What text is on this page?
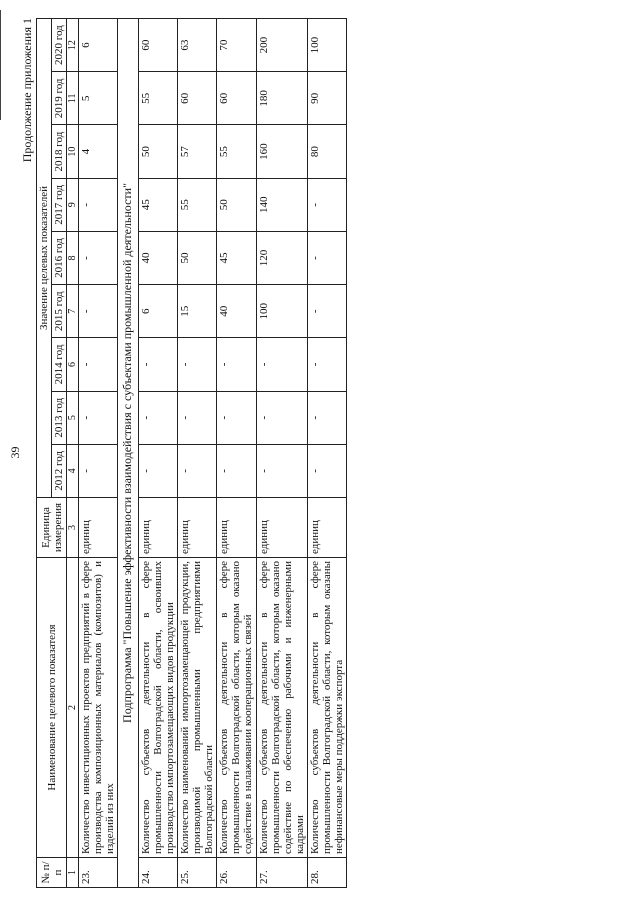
39
Продолжение приложения 1
№ п/п	Наименование целевого показателя	Единица измерения	Значение целевых показателей								
			2012 год	2013 год	2014 год	2015 год	2016 год	2017 год	2018 год	2019 год	2020 год
1	2	3	4	5	6	7	8	9	10	11	12
23.	Количество инвестиционных проектов предприятий в сфере производства композиционных материалов (композитов) и изделий из них	единиц	-	-	-	-	-	-	4	5	6
Подпрограмма "Повышение эффективности взаимодействия с субъектами промышленной деятельности"											
24.	Количество субъектов деятельности в сфере промышленности Волгоградской области, освоивших производство импортозамещающих видов продукции	единиц	-	-	-	6	40	45	50	55	60
25.	Количество наименований импортозамещающей продукции, производимой промышленными предприятиями Волгоградской области	единиц	-	-	-	15	50	55	57	60	63
26.	Количество субъектов деятельности в сфере промышленности Волгоградской области, которым оказано содействие в налаживании кооперационных связей	единиц	-	-	-	40	45	50	55	60	70
27.	Количество субъектов деятельности в сфере промышленности Волгоградской области, которым оказано содействие по обеспечению рабочими и инженерными кадрами	единиц	-	-	-	100	120	140	160	180	200
28.	Количество субъектов деятельности в сфере промышленности Волгоградской области, которым оказаны нефинансовые меры поддержки экспорта	единиц	-	-	-	-	-	-	80	90	100
